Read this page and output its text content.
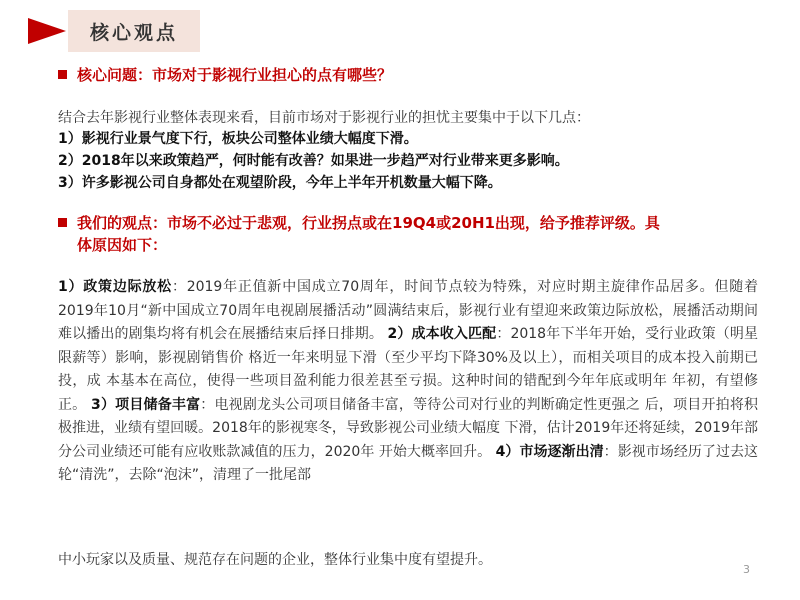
核心观点
核心问题：市场对于影视行业担心的点有哪些？
结合去年影视行业整体表现来看，目前市场对于影视行业的担忧主要集中于以下几点：
1）影视行业景气度下行，板块公司整体业绩大幅度下滑。
2）2018年以来政策趋严，何时能有改善？如果进一步趋严对行业带来更多影响。
3）许多影视公司自身都处在观望阶段，今年上半年开机数量大幅下降。
我们的观点：市场不必过于悲观，行业拐点或在19Q4或20H1出现，给予推荐评级。具
体原因如下：
1）政策边际放松：2019年正值新中国成立70周年，时间节点较为特殊，对应时期主旋律作品居多。但随着2019年10月“新中国成立70周年电视剧展播活动”圆满结束后，影视行业有望迎来政策边际放松，展播活动期间难以播出的剧集均将有机会在展播结束后择日排期。 2）成本收入匹配：2018年下半年开始，受行业政策（明星限薪等）影响，影视剧销售价 格近一年来明显下滑（至少平均下降30%及以上），而相关项目的成本投入前期已投，成 本基本在高位，使得一些项目盈利能力很差甚至亏损。这种时间的错配到今年年底或明年 年初，有望修正。 3）项目储备丰富：电视剧龙头公司项目储备丰富，等待公司对行业的判断确定性更强之 后，项目开拍将积极推进，业绩有望回暖。2018年的影视寒冬，导致影视公司业绩大幅度 下滑，估计2019年还将延续，2019年部分公司业绩还可能有应收账款减值的压力，2020年 开始大概率回升。 4）市场逐渐出清：影视市场经历了过去这轮“清洗”，去除“泡沫”，清理了一批尾部
中小玩家以及质量、规范存在问题的企业，整体行业集中度有望提升。
3
